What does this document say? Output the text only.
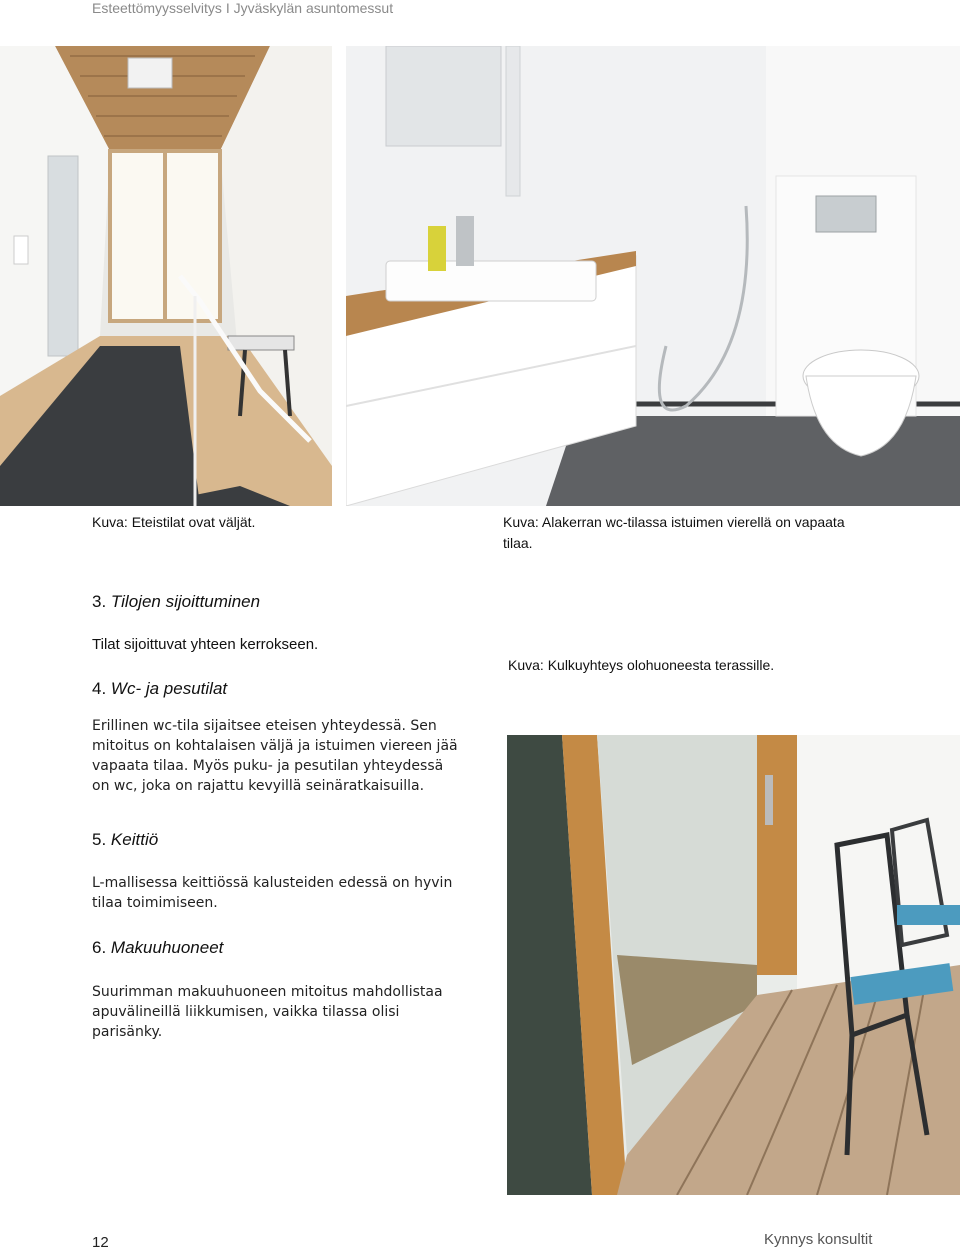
Esteettömyysselvitys I Jyväskylän asuntomessut
Kuva: Eteistilat ovat väljät.	Kuva: Alakerran wc-tilassa istuimen vierellä on vapaata tilaa.
3. Tilojen sijoittuminen
Tilat sijoittuvat yhteen kerrokseen.
4. Wc- ja pesutilat
Erillinen wc-tila sijaitsee eteisen yhteydessä. Sen mitoitus on kohtalaisen väljä ja istuimen viereen jää vapaata tilaa. Myös puku- ja pesutilan yhteydessä on wc, joka on rajattu kevyillä seinäratkaisuilla.
Kuva: Kulkuyhteys olohuoneesta terassille.
5. Keittiö
L-mallisessa keittiössä kalusteiden edessä on hyvin tilaa toimimiseen.
6. Makuuhuoneet
Suurimman makuuhuoneen mitoitus mahdollistaa apuvälineillä liikkumisen, vaikka tilassa olisi parisänky.
12	Kynnys konsultit
